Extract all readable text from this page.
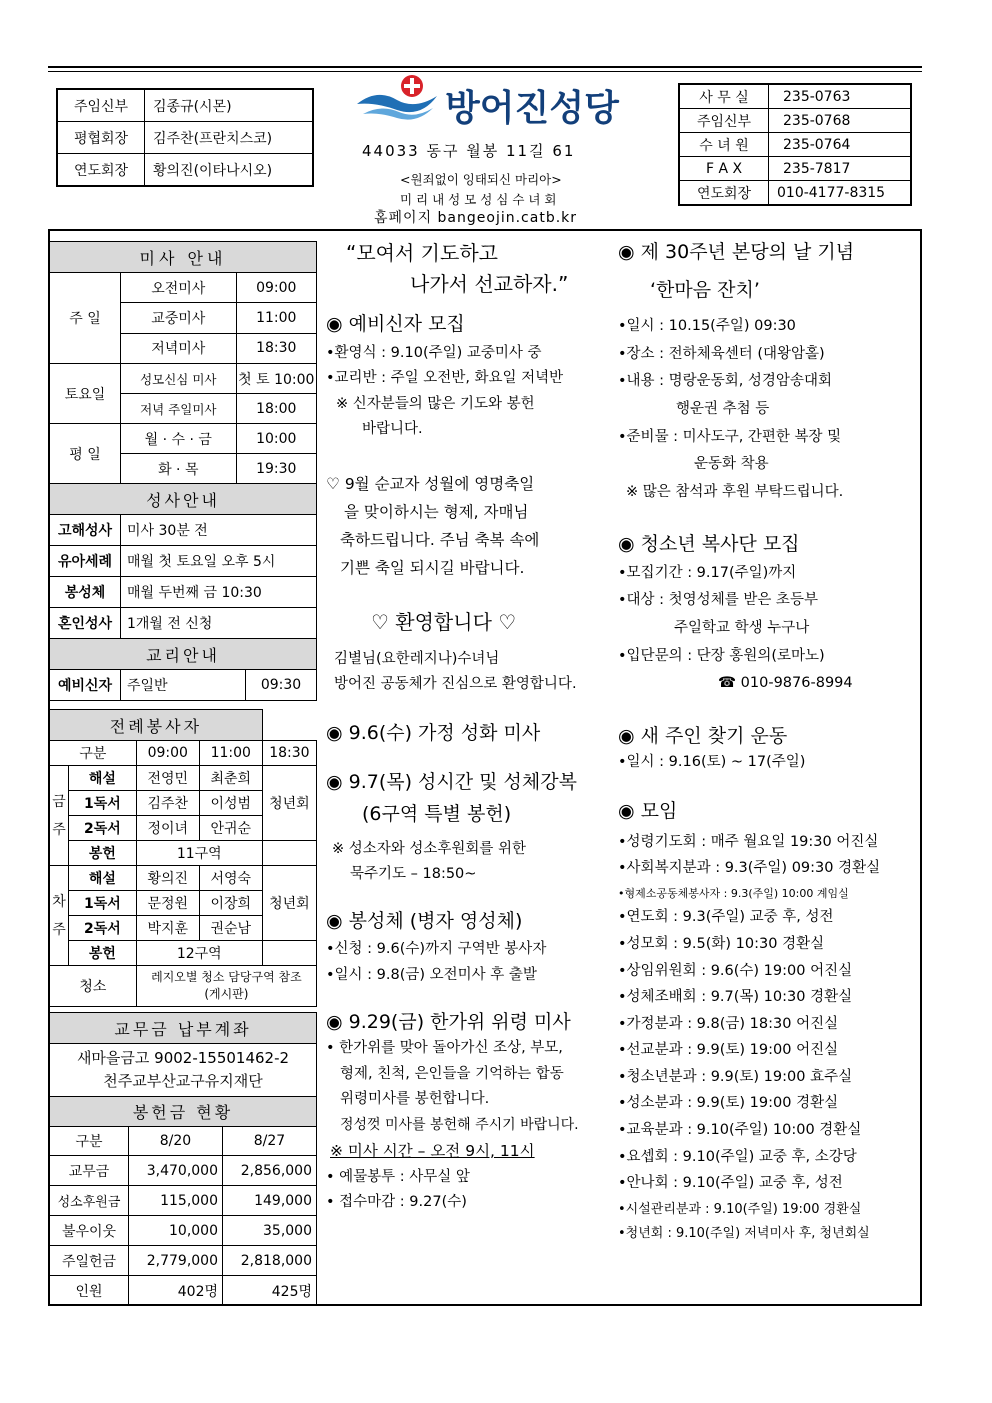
주임신부	김종규(시몬)
평협회장	김주찬(프란치스코)
연도회장	황의진(이타나시오)
방어진성당
44033 동구 월봉 11길 61
<원죄없이 잉태되신 마리아>
미 리 내 성 모 성 심 수 녀 회
홈페이지 bangeojin.catb.kr
사 무 실	235-0763
주임신부	235-0768
수 녀 원	235-0764
F A X	235-7817
연도회장	010-4177-8315
미사 안내			
주 일	오전미사	09:00	
	교중미사	11:00	
	저녁미사	18:30	
토요일	성모신심 미사	첫 토 10:00	
	저녁 주일미사	18:00	
평 일	월 · 수 · 금	10:00	
	화 · 목	19:30	
성사안내			
고해성사	미사 30분 전		
유아세례	매월 첫 토요일 오후 5시		
봉성체	매월 두번째 금 10:30		
혼인성사	1개월 전 신청		
교리안내			
예비신자	주일반		09:30
전례봉사자				
구분		09:00	11:00	18:30
금주	해설	전영민	최춘희	청년회
	1독서	김주찬	이성범	
	2독서	정이녀	안귀순	
	봉헌	11구역		
차주	해설	황의진	서영숙	청년회
	1독서	문정원	이장희	
	2독서	박지훈	권순남	
	봉헌	12구역		
청소		레지오별 청소 담당구역 참조
(게시판)		
교무금 납부계좌
새마을금고 9002-15501462-2
천주교부산교구유지재단
봉헌금 현황		
구분	8/20	8/27
교무금	3,470,000	2,856,000
성소후원금	115,000	149,000
불우이웃	10,000	35,000
주일헌금	2,779,000	2,818,000
인원	402명	425명
“모여서 기도하고
나가서 선교하자.”
◉ 예비신자 모집
•환영식 : 9.10(주일) 교중미사 중
•교리반 : 주일 오전반, 화요일 저녁반
※ 신자분들의 많은 기도와 봉헌
바랍니다.
♡ 9월 순교자 성월에 영명축일
을 맞이하시는 형제, 자매님
축하드립니다. 주님 축복 속에
기쁜 축일 되시길 바랍니다.
♡ 환영합니다 ♡
김별님(요한레지나)수녀님
방어진 공동체가 진심으로 환영합니다.
◉ 9.6(수) 가정 성화 미사
◉ 9.7(목) 성시간 및 성체강복
(6구역 특별 봉헌)
※ 성소자와 성소후원회를 위한
묵주기도 – 18:50~
◉ 봉성체 (병자 영성체)
•신청 : 9.6(수)까지 구역반 봉사자
•일시 : 9.8(금) 오전미사 후 출발
◉ 9.29(금) 한가위 위령 미사
• 한가위를 맞아 돌아가신 조상, 부모,
형제, 친척, 은인들을 기억하는 합동
위령미사를 봉헌합니다.
정성껏 미사를 봉헌해 주시기 바랍니다.
※ 미사 시간 – 오전 9시, 11시
• 예물봉투 : 사무실 앞
• 접수마감 : 9.27(수)
◉ 제 30주년 본당의 날 기념
‘한마음 잔치’
•일시 : 10.15(주일) 09:30
•장소 : 전하체육센터 (대왕암홀)
•내용 : 명랑운동회, 성경암송대회
행운권 추첨 등
•준비물 : 미사도구, 간편한 복장 및
운동화 착용
※ 많은 참석과 후원 부탁드립니다.
◉ 청소년 복사단 모집
•모집기간 : 9.17(주일)까지
•대상 : 첫영성체를 받은 초등부
주일학교 학생 누구나
•입단문의 : 단장 홍원의(로마노)
☎ 010-9876-8994
◉ 새 주인 찾기 운동
•일시 : 9.16(토) ~ 17(주일)
◉ 모임
•성령기도회 : 매주 월요일 19:30 어진실
•사회복지분과 : 9.3(주일) 09:30 경환실
•형제소공동체봉사자 : 9.3(주일) 10:00 계임실
•연도회 : 9.3(주일) 교중 후, 성전
•성모회 : 9.5(화) 10:30 경환실
•상임위원회 : 9.6(수) 19:00 어진실
•성체조배회 : 9.7(목) 10:30 경환실
•가정분과 : 9.8(금) 18:30 어진실
•선교분과 : 9.9(토) 19:00 어진실
•청소년분과 : 9.9(토) 19:00 효주실
•성소분과 : 9.9(토) 19:00 경환실
•교육분과 : 9.10(주일) 10:00 경환실
•요셉회 : 9.10(주일) 교중 후, 소강당
•안나회 : 9.10(주일) 교중 후, 성전
•시설관리분과 : 9.10(주일) 19:00 경환실
•청년회 : 9.10(주일) 저녁미사 후, 청년회실
